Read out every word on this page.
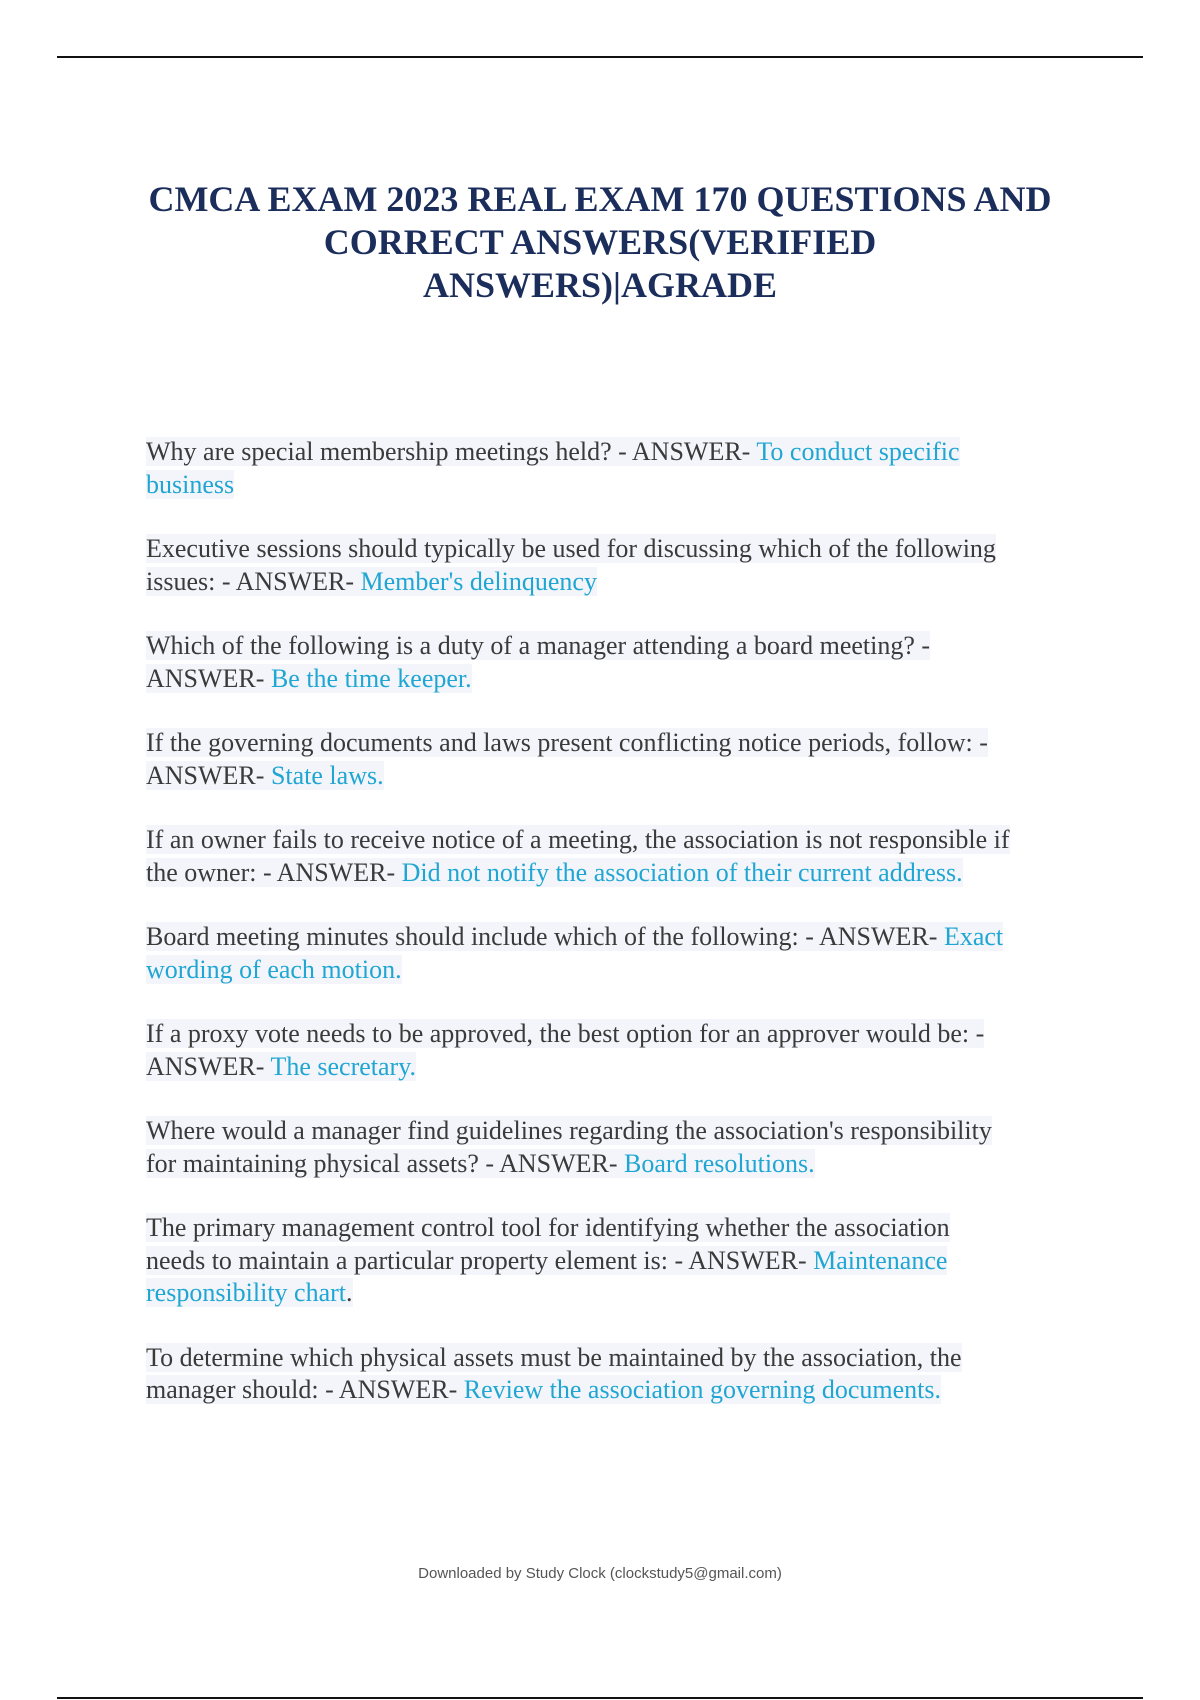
CMCA EXAM 2023 REAL EXAM 170 QUESTIONS AND
CORRECT ANSWERS(VERIFIED
ANSWERS)|AGRADE
Why are special membership meetings held? - ANSWER- To conduct specific
business
Executive sessions should typically be used for discussing which of the following
issues: - ANSWER- Member's delinquency
Which of the following is a duty of a manager attending a board meeting? -
ANSWER- Be the time keeper.
If the governing documents and laws present conflicting notice periods, follow: -
ANSWER- State laws.
If an owner fails to receive notice of a meeting, the association is not responsible if
the owner: - ANSWER- Did not notify the association of their current address.
Board meeting minutes should include which of the following: - ANSWER- Exact
wording of each motion.
If a proxy vote needs to be approved, the best option for an approver would be: -
ANSWER- The secretary.
Where would a manager find guidelines regarding the association's responsibility
for maintaining physical assets? - ANSWER- Board resolutions.
The primary management control tool for identifying whether the association
needs to maintain a particular property element is: - ANSWER- Maintenance
responsibility chart.
To determine which physical assets must be maintained by the association, the
manager should: - ANSWER- Review the association governing documents.
Downloaded by Study Clock (clockstudy5@gmail.com)
